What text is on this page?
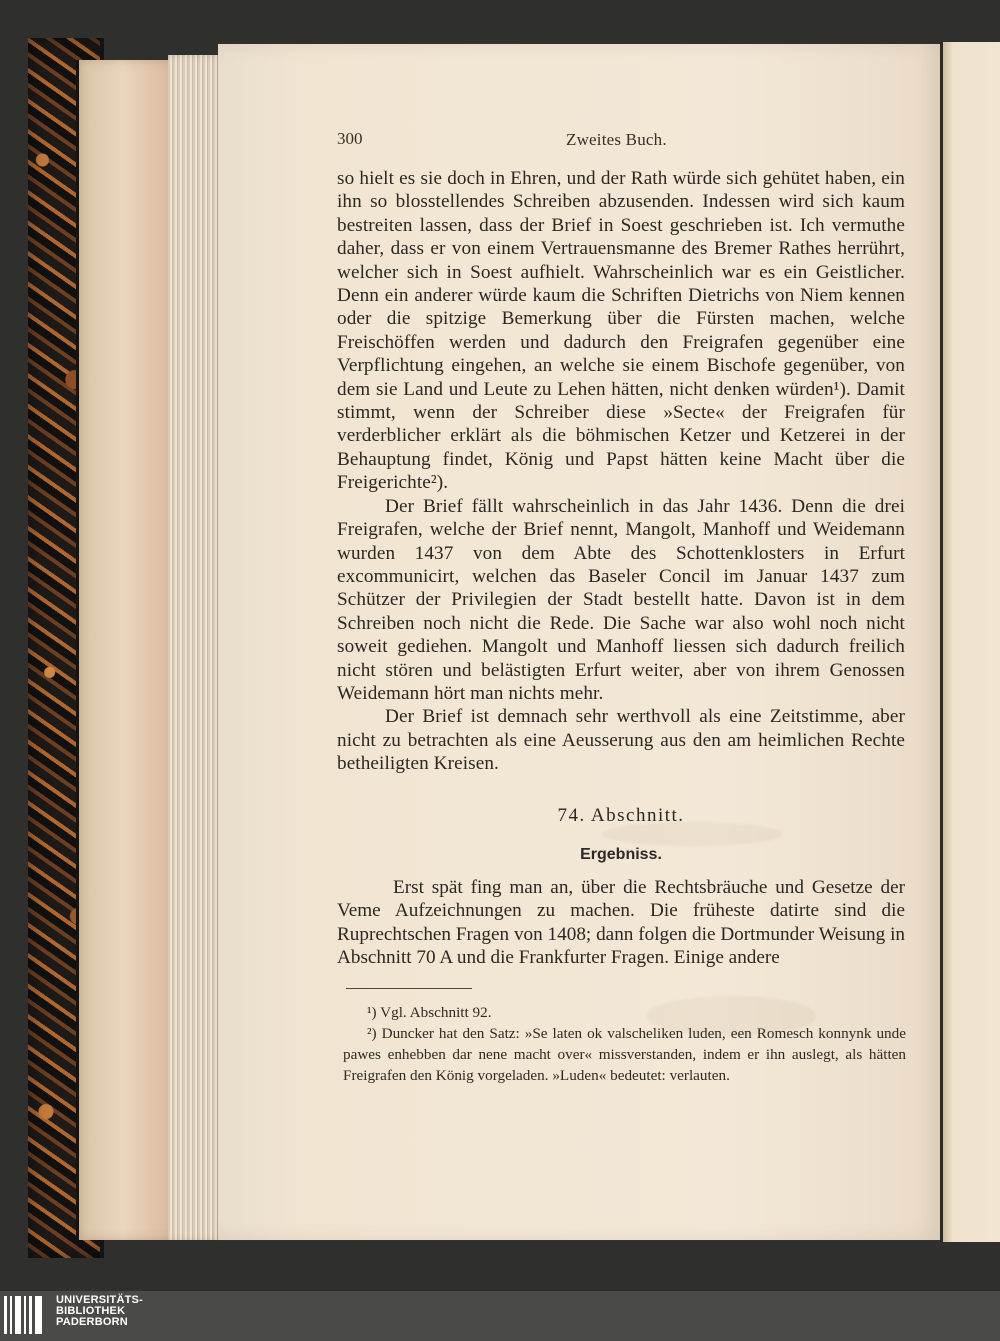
300	Zweites Buch.

so hielt es sie doch in Ehren, und der Rath würde sich gehütet haben, ein ihn so blosstellendes Schreiben abzusenden. Indessen wird sich kaum bestreiten lassen, dass der Brief in Soest geschrieben ist. Ich vermuthe daher, dass er von einem Vertrauensmanne des Bremer Rathes herrührt, welcher sich in Soest aufhielt. Wahrscheinlich war es ein Geistlicher. Denn ein anderer würde kaum die Schriften Dietrichs von Niem kennen oder die spitzige Bemerkung über die Fürsten machen, welche Freischöffen werden und dadurch den Freigrafen gegenüber eine Verpflichtung eingehen, an welche sie einem Bischofe gegenüber, von dem sie Land und Leute zu Lehen hätten, nicht denken würden¹). Damit stimmt, wenn der Schreiber diese »Secte« der Freigrafen für verderblicher erklärt als die böhmischen Ketzer und Ketzerei in der Behauptung findet, König und Papst hätten keine Macht über die Freigerichte²).

Der Brief fällt wahrscheinlich in das Jahr 1436. Denn die drei Freigrafen, welche der Brief nennt, Mangolt, Manhoff und Weidemann wurden 1437 von dem Abte des Schottenklosters in Erfurt excommunicirt, welchen das Baseler Concil im Januar 1437 zum Schützer der Privilegien der Stadt bestellt hatte. Davon ist in dem Schreiben noch nicht die Rede. Die Sache war also wohl noch nicht soweit gediehen. Mangolt und Manhoff liessen sich dadurch freilich nicht stören und belästigten Erfurt weiter, aber von ihrem Genossen Weidemann hört man nichts mehr.

Der Brief ist demnach sehr werthvoll als eine Zeitstimme, aber nicht zu betrachten als eine Aeusserung aus den am heimlichen Rechte betheiligten Kreisen.

74. Abschnitt.
Ergebniss.

Erst spät fing man an, über die Rechtsbräuche und Gesetze der Veme Aufzeichnungen zu machen. Die früheste datirte sind die Ruprechtschen Fragen von 1408; dann folgen die Dortmunder Weisung in Abschnitt 70 A und die Frankfurter Fragen. Einige andere

¹) Vgl. Abschnitt 92.

²) Duncker hat den Satz: »Se laten ok valscheliken luden, een Romesch konnynk unde pawes enhebben dar nene macht over« missverstanden, indem er ihn auslegt, als hätten Freigrafen den König vorgeladen. »Luden« bedeutet: verlauten.

UNIVERSITÄTS-
BIBLIOTHEK
PADERBORN
